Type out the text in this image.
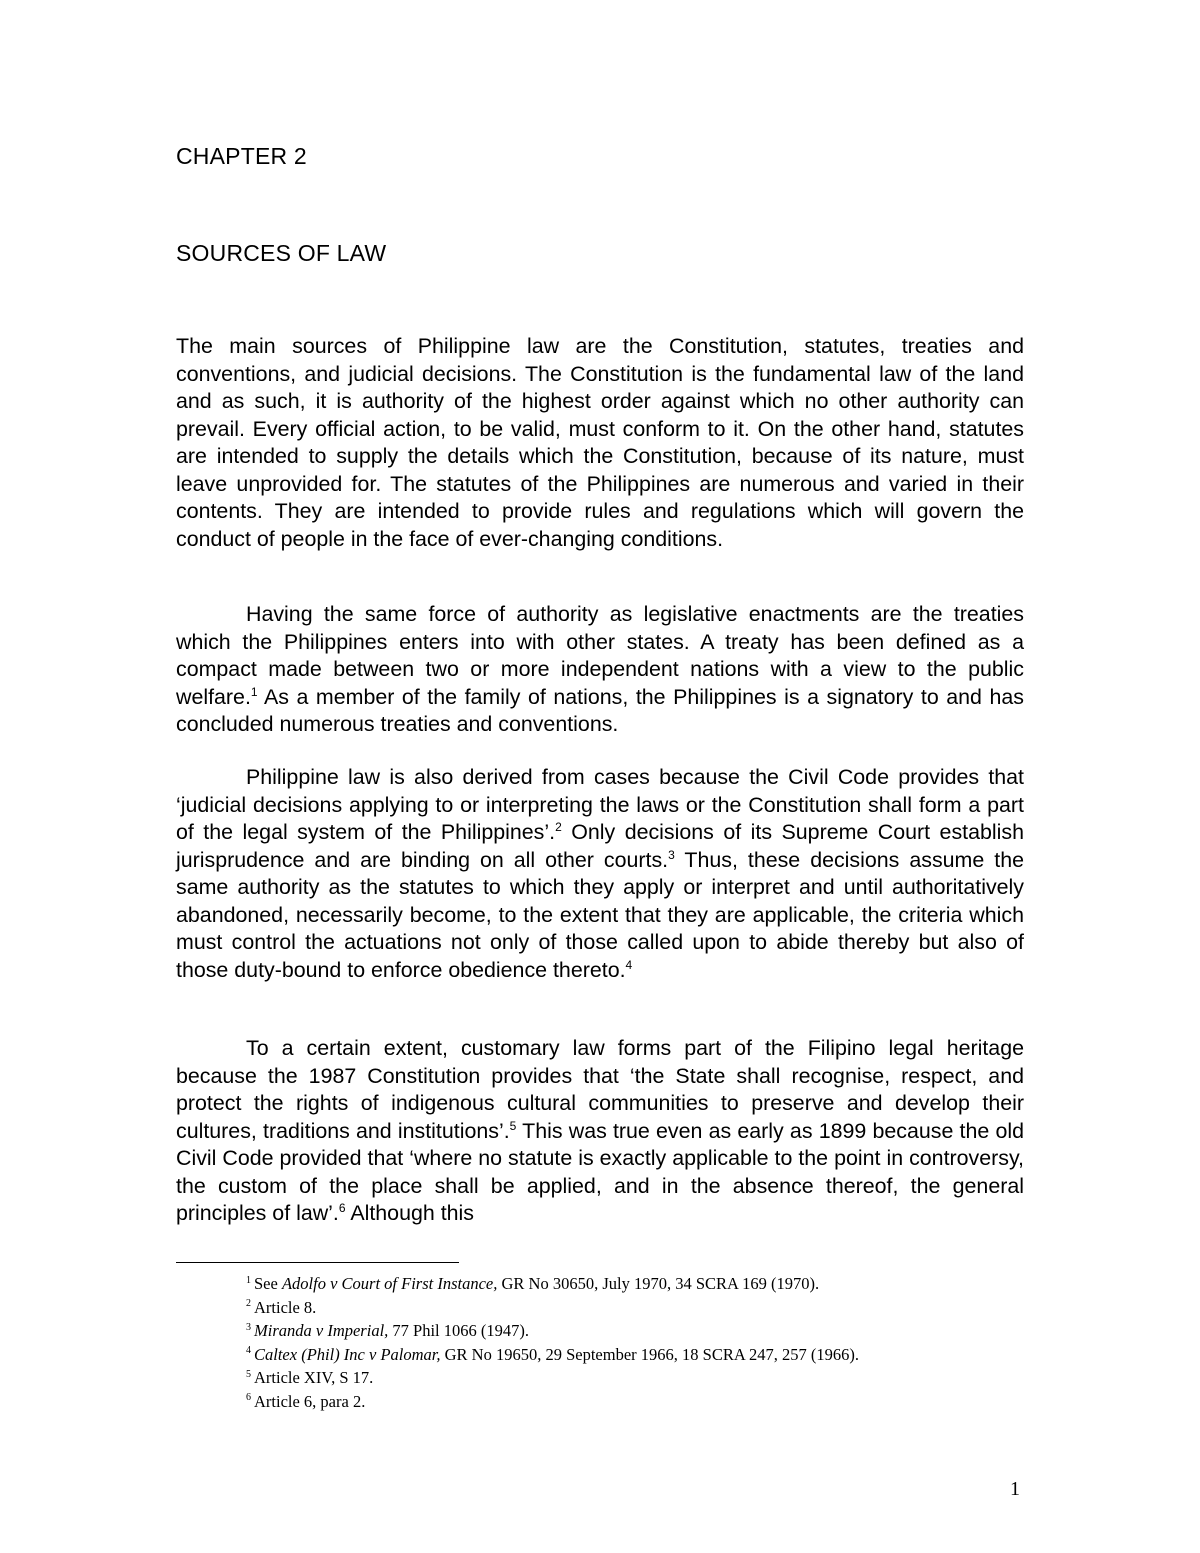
CHAPTER 2
SOURCES OF LAW

The main sources of Philippine law are the Constitution, statutes, treaties and conventions, and judicial decisions. The Constitution is the fundamental law of the land and as such, it is authority of the highest order against which no other authority can prevail. Every official action, to be valid, must conform to it. On the other hand, statutes are intended to supply the details which the Constitution, because of its nature, must leave unprovided for. The statutes of the Philippines are numerous and varied in their contents. They are intended to provide rules and regulations which will govern the conduct of people in the face of ever-changing conditions.

Having the same force of authority as legislative enactments are the treaties which the Philippines enters into with other states. A treaty has been defined as a compact made between two or more independent nations with a view to the public welfare.$^1$ As a member of the family of nations, the Philippines is a signatory to and has concluded numerous treaties and conventions.

Philippine law is also derived from cases because the Civil Code provides that ‘judicial decisions applying to or interpreting the laws or the Constitution shall form a part of the legal system of the Philippines’.$^2$ Only decisions of its Supreme Court establish jurisprudence and are binding on all other courts.$^3$ Thus, these decisions assume the same authority as the statutes to which they apply or interpret and until authoritatively abandoned, necessarily become, to the extent that they are applicable, the criteria which must control the actuations not only of those called upon to abide thereby but also of those duty-bound to enforce obedience thereto.$^4$

To a certain extent, customary law forms part of the Filipino legal heritage because the 1987 Constitution provides that ‘the State shall recognise, respect, and protect the rights of indigenous cultural communities to preserve and develop their cultures, traditions and institutions’.$^5$ This was true even as early as 1899 because the old Civil Code provided that ‘where no statute is exactly applicable to the point in controversy, the custom of the place shall be applied, and in the absence thereof, the general principles of law’.$^6$ Although this

$^1$ See Adolfo v Court of First Instance, GR No 30650, July 1970, 34 SCRA 169 (1970).
$^2$ Article 8.
$^3$ Miranda v Imperial, 77 Phil 1066 (1947).
$^4$ Caltex (Phil) Inc v Palomar, GR No 19650, 29 September 1966, 18 SCRA 247, 257 (1966).
$^5$ Article XIV, S 17.
$^6$ Article 6, para 2.
1
